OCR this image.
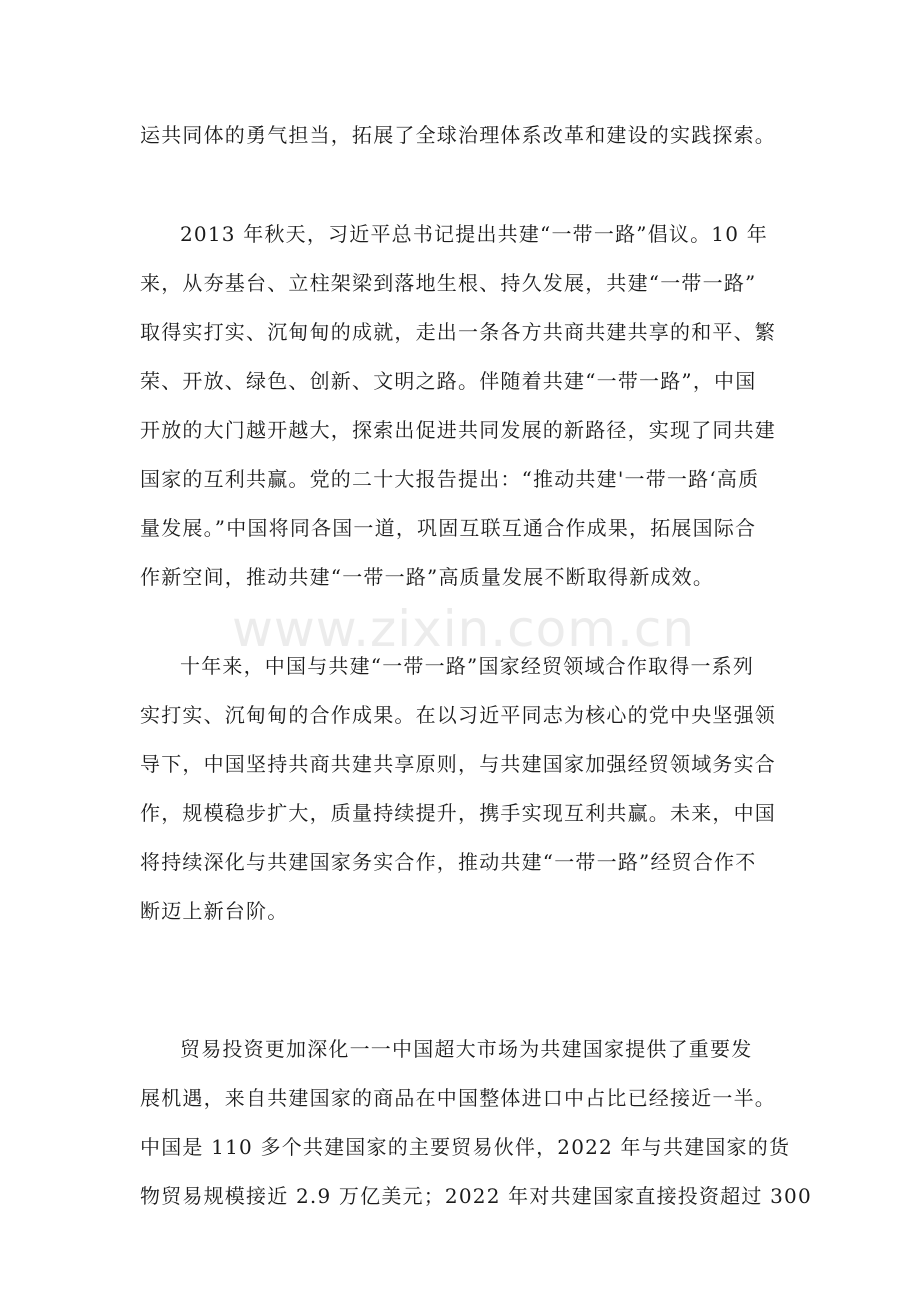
www.zixin.com.cn
运共同体的勇气担当，拓展了全球治理体系改革和建设的实践探索。
2013 年秋天，习近平总书记提出共建“一带一路”倡议。10 年
来，从夯基台、立柱架梁到落地生根、持久发展，共建“一带一路”
取得实打实、沉甸甸的成就，走出一条各方共商共建共享的和平、繁
荣、开放、绿色、创新、文明之路。伴随着共建“一带一路”，中国
开放的大门越开越大，探索出促进共同发展的新路径，实现了同共建
国家的互利共赢。党的二十大报告提出：“推动共建'一带一路‘高质
量发展。”中国将同各国一道，巩固互联互通合作成果，拓展国际合
作新空间，推动共建“一带一路”高质量发展不断取得新成效。
十年来，中国与共建“一带一路”国家经贸领域合作取得一系列
实打实、沉甸甸的合作成果。在以习近平同志为核心的党中央坚强领
导下，中国坚持共商共建共享原则，与共建国家加强经贸领域务实合
作，规模稳步扩大，质量持续提升，携手实现互利共赢。未来，中国
将持续深化与共建国家务实合作，推动共建“一带一路”经贸合作不
断迈上新台阶。
贸易投资更加深化一一中国超大市场为共建国家提供了重要发
展机遇，来自共建国家的商品在中国整体进口中占比已经接近一半。
中国是 110 多个共建国家的主要贸易伙伴，2022 年与共建国家的货
物贸易规模接近 2.9 万亿美元；2022 年对共建国家直接投资超过 300
